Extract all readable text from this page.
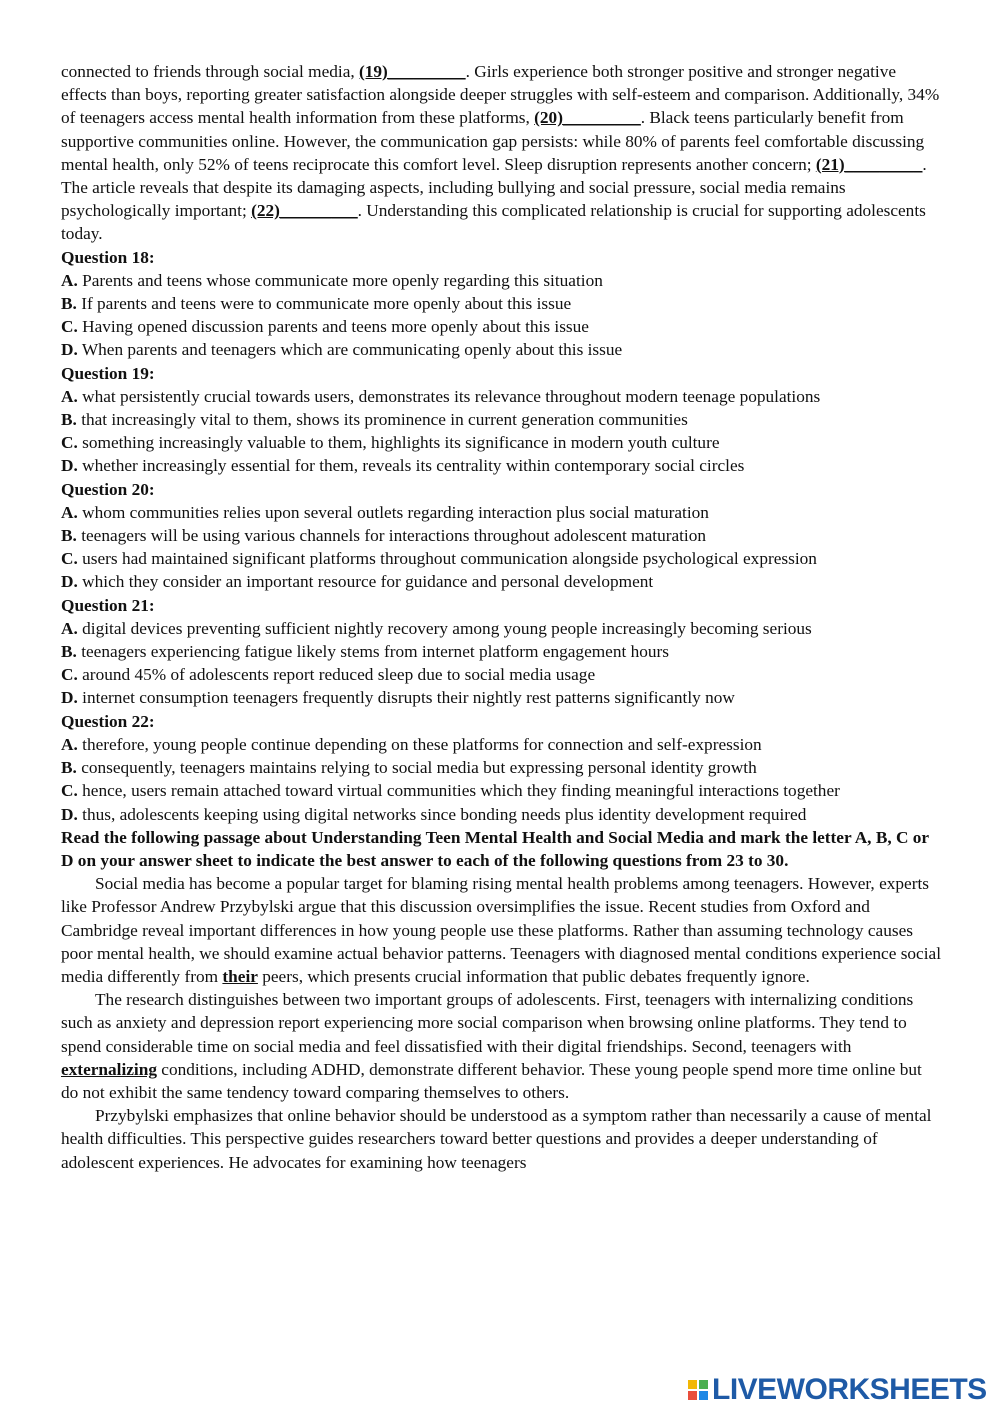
connected to friends through social media, (19)_________. Girls experience both stronger positive and stronger negative effects than boys, reporting greater satisfaction alongside deeper struggles with self-esteem and comparison. Additionally, 34% of teenagers access mental health information from these platforms, (20)_________. Black teens particularly benefit from supportive communities online. However, the communication gap persists: while 80% of parents feel comfortable discussing mental health, only 52% of teens reciprocate this comfort level. Sleep disruption represents another concern; (21)_________. The article reveals that despite its damaging aspects, including bullying and social pressure, social media remains psychologically important; (22)_________. Understanding this complicated relationship is crucial for supporting adolescents today.

Question 18:

A. Parents and teens whose communicate more openly regarding this situation

B. If parents and teens were to communicate more openly about this issue

C. Having opened discussion parents and teens more openly about this issue

D. When parents and teenagers which are communicating openly about this issue

Question 19:

A. what persistently crucial towards users, demonstrates its relevance throughout modern teenage populations

B. that increasingly vital to them, shows its prominence in current generation communities

C. something increasingly valuable to them, highlights its significance in modern youth culture

D. whether increasingly essential for them, reveals its centrality within contemporary social circles

Question 20:

A. whom communities relies upon several outlets regarding interaction plus social maturation

B. teenagers will be using various channels for interactions throughout adolescent maturation

C. users had maintained significant platforms throughout communication alongside psychological expression

D. which they consider an important resource for guidance and personal development

Question 21:

A. digital devices preventing sufficient nightly recovery among young people increasingly becoming serious

B. teenagers experiencing fatigue likely stems from internet platform engagement hours

C. around 45% of adolescents report reduced sleep due to social media usage

D. internet consumption teenagers frequently disrupts their nightly rest patterns significantly now

Question 22:

A. therefore, young people continue depending on these platforms for connection and self-expression

B. consequently, teenagers maintains relying to social media but expressing personal identity growth

C. hence, users remain attached toward virtual communities which they finding meaningful interactions together

D. thus, adolescents keeping using digital networks since bonding needs plus identity development required

Read the following passage about Understanding Teen Mental Health and Social Media and mark the letter A, B, C or D on your answer sheet to indicate the best answer to each of the following questions from 23 to 30.

Social media has become a popular target for blaming rising mental health problems among teenagers. However, experts like Professor Andrew Przybylski argue that this discussion oversimplifies the issue. Recent studies from Oxford and Cambridge reveal important differences in how young people use these platforms. Rather than assuming technology causes poor mental health, we should examine actual behavior patterns. Teenagers with diagnosed mental conditions experience social media differently from their peers, which presents crucial information that public debates frequently ignore.

The research distinguishes between two important groups of adolescents. First, teenagers with internalizing conditions such as anxiety and depression report experiencing more social comparison when browsing online platforms. They tend to spend considerable time on social media and feel dissatisfied with their digital friendships. Second, teenagers with externalizing conditions, including ADHD, demonstrate different behavior. These young people spend more time online but do not exhibit the same tendency toward comparing themselves to others.

Przybylski emphasizes that online behavior should be understood as a symptom rather than necessarily a cause of mental health difficulties. This perspective guides researchers toward better questions and provides a deeper understanding of adolescent experiences. He advocates for examining how teenagers

LIVEWORKSHEETS
